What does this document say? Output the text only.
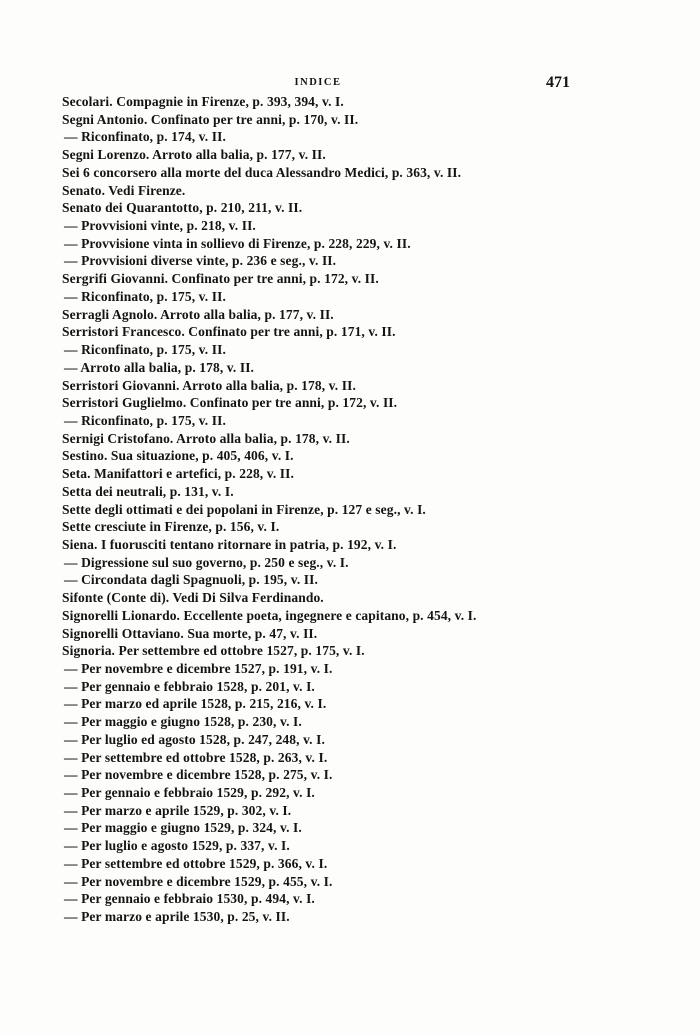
INDICE	471
Secolari. Compagnie in Firenze, p. 393, 394, v. I.
Segni Antonio. Confinato per tre anni, p. 170, v. II.
— Riconfinato, p. 174, v. II.
Segni Lorenzo. Arroto alla balia, p. 177, v. II.
Sei 6 concorsero alla morte del duca Alessandro Medici, p. 363, v. II.
Senato. Vedi Firenze.
Senato dei Quarantotto, p. 210, 211, v. II.
— Provvisioni vinte, p. 218, v. II.
— Provvisione vinta in sollievo di Firenze, p. 228, 229, v. II.
— Provvisioni diverse vinte, p. 236 e seg., v. II.
Sergrifi Giovanni. Confinato per tre anni, p. 172, v. II.
— Riconfinato, p. 175, v. II.
Serragli Agnolo. Arroto alla balia, p. 177, v. II.
Serristori Francesco. Confinato per tre anni, p. 171, v. II.
— Riconfinato, p. 175, v. II.
— Arroto alla balia, p. 178, v. II.
Serristori Giovanni. Arroto alla balia, p. 178, v. II.
Serristori Guglielmo. Confinato per tre anni, p. 172, v. II.
— Riconfinato, p. 175, v. II.
Sernigi Cristofano. Arroto alla balia, p. 178, v. II.
Sestino. Sua situazione, p. 405, 406, v. I.
Seta. Manifattori e artefici, p. 228, v. II.
Setta dei neutrali, p. 131, v. I.
Sette degli ottimati e dei popolani in Firenze, p. 127 e seg., v. I.
Sette cresciute in Firenze, p. 156, v. I.
Siena. I fuorusciti tentano ritornare in patria, p. 192, v. I.
— Digressione sul suo governo, p. 250 e seg., v. I.
— Circondata dagli Spagnuoli, p. 195, v. II.
Sifonte (Conte di). Vedi Di Silva Ferdinando.
Signorelli Lionardo. Eccellente poeta, ingegnere e capitano, p. 454, v. I.
Signorelli Ottaviano. Sua morte, p. 47, v. II.
Signoria. Per settembre ed ottobre 1527, p. 175, v. I.
— Per novembre e dicembre 1527, p. 191, v. I.
— Per gennaio e febbraio 1528, p. 201, v. I.
— Per marzo ed aprile 1528, p. 215, 216, v. I.
— Per maggio e giugno 1528, p. 230, v. I.
— Per luglio ed agosto 1528, p. 247, 248, v. I.
— Per settembre ed ottobre 1528, p. 263, v. I.
— Per novembre e dicembre 1528, p. 275, v. I.
— Per gennaio e febbraio 1529, p. 292, v. I.
— Per marzo e aprile 1529, p. 302, v. I.
— Per maggio e giugno 1529, p. 324, v. I.
— Per luglio e agosto 1529, p. 337, v. I.
— Per settembre ed ottobre 1529, p. 366, v. I.
— Per novembre e dicembre 1529, p. 455, v. I.
— Per gennaio e febbraio 1530, p. 494, v. I.
— Per marzo e aprile 1530, p. 25, v. II.
